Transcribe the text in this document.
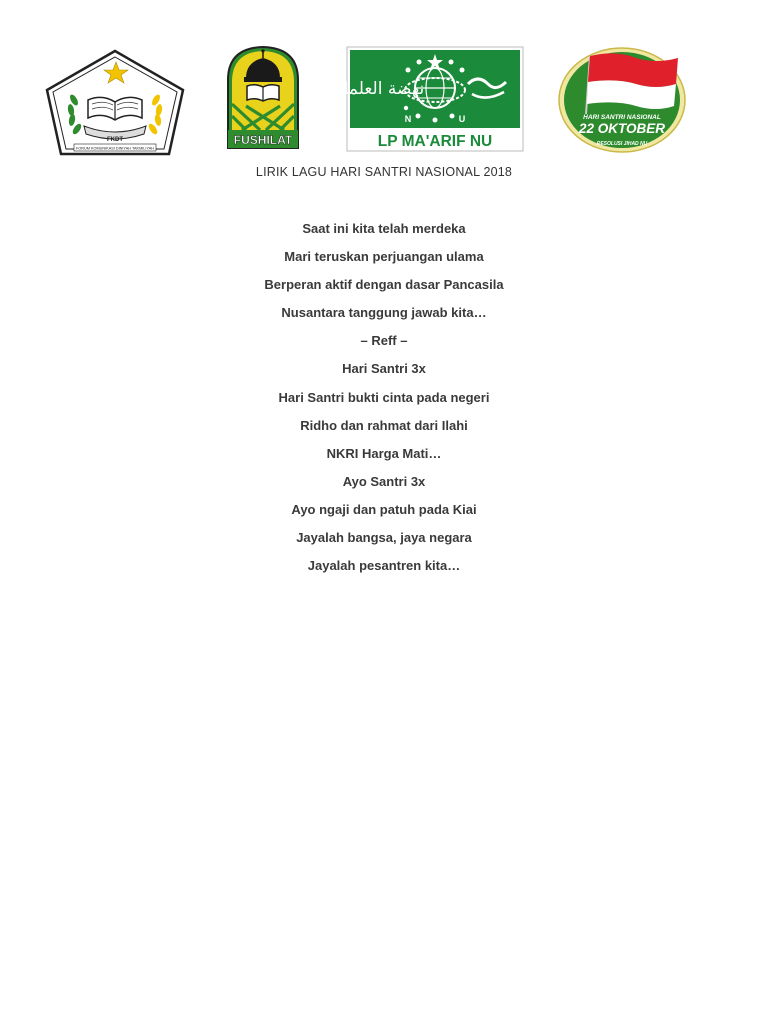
FKDT
FORUM KOMUNIKASI DINIYAH TAKMILIYAH
FUSHILAT
نهضة العلماء
N	U
LP MA'ARIF NU
HARI SANTRI NASIONAL
22 OKTOBER
RESOLUSI JIHAD NU
LIRIK LAGU HARI SANTRI NASIONAL 2018
Saat ini kita telah merdeka
Mari teruskan perjuangan ulama
Berperan aktif dengan dasar Pancasila
Nusantara tanggung jawab kita…
– Reff –
Hari Santri 3x
Hari Santri bukti cinta pada negeri
Ridho dan rahmat dari Ilahi
NKRI Harga Mati…
Ayo Santri 3x
Ayo ngaji dan patuh pada Kiai
Jayalah bangsa, jaya negara
Jayalah pesantren kita…
